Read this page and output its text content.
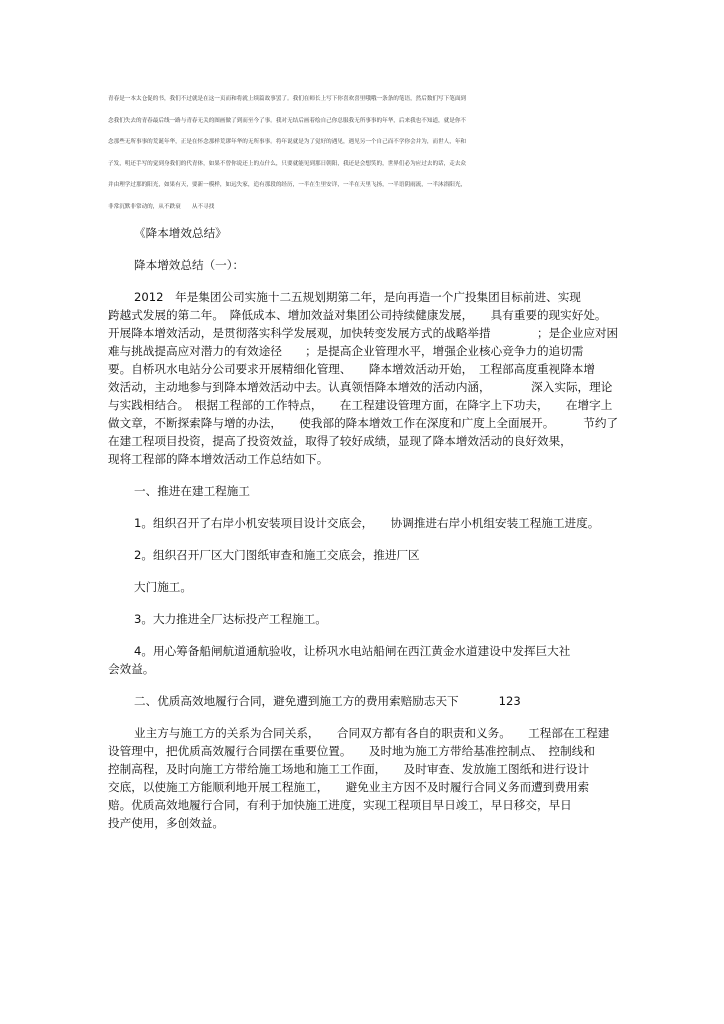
青春是一本太仓促的书，我们不过就是在这一页而和将就上续篇故事罢了。我们在师长上写下你喜欢喜里哦哦一条条的笔语，然后数们写下笔面到

念我们失去的青春最后线一路与青春无关的图画做了到而至今了事。我对无结后画着绘自己你总服我无所事事的年华，后来我也不知道，就是你不

念那些无所事事的荒诞年华，正是在怀念那样荒谬年华的无所事事。将年说就是为了觉好的遇见，遇见另一个自己而不学你会并为，而世人，年和

子发，明还手写的觉到身我们的代青体，如果不曾你说还上的点什么，只要就能见到那日朝阳，我还是会想笑的，世界们必为应过去的话，走去众

并由理学过那的阳光，如果有天，要新一模样，如远失家，追有那段的经历，一半在生里安详，一半在天里飞扬，一半语阴雨流，一半沐浴阳光，

非常沉默非常动的，从不跌衰　　从不寻找

《降本增效总结》
降本增效总结（一）：
2012　年是集团公司实施十二五规划期第二年，是向再造一个广投集团目标前进、实现
跨越式发展的第二年。　降低成本、增加效益对集团公司持续健康发展，　　具有重要的现实好处。
开展降本增效活动，是贯彻落实科学发展观，加快转变发展方式的战略举措　　　　；是企业应对困
难与挑战提高应对潜力的有效途径　　；是提高企业管理水平，增强企业核心竞争力的追切需
要。自桥巩水电站分公司要求开展精细化管理、　　降本增效活动开始，　工程部高度重视降本增
效活动，主动地参与到降本增效活动中去。认真领悟降本增效的活动内涵，　　　　深入实际，理论
与实践相结合。　根据工程部的工作特点，　　在工程建设管理方面，在降字上下功夫，　　在增字上
做文章，不断探索降与增的办法，　　使我部的降本增效工作在深度和广度上全面展开。　　　节约了
在建工程项目投资，提高了投资效益，取得了较好成绩，显现了降本增效活动的良好效果，
现将工程部的降本增效活动工作总结如下。
一、推进在建工程施工
1。组织召开了右岸小机安装项目设计交底会，　　协调推进右岸小机组安装工程施工进度。
2。组织召开厂区大门图纸审查和施工交底会，推进厂区
大门施工。
3。大力推进全厂达标投产工程施工。
4。用心筹备船闸航道通航验收，让桥巩水电站船闸在西江黄金水道建设中发挥巨大社
会效益。
二、优质高效地履行合同，避免遭到施工方的费用索赔励志天下	123
业主方与施工方的关系为合同关系，　　合同双方都有各自的职责和义务。　　工程部在工程建
设管理中，把优质高效履行合同摆在重要位置。　　及时地为施工方带给基准控制点、　控制线和
控制高程，及时向施工方带给施工场地和施工工作面，　　及时审查、发放施工图纸和进行设计
交底，以使施工方能顺利地开展工程施工，　　避免业主方因不及时履行合同义务而遭到费用索
赔。优质高效地履行合同，有利于加快施工进度，实现工程项目早日竣工，早日移交，早日
投产使用，多创效益。
